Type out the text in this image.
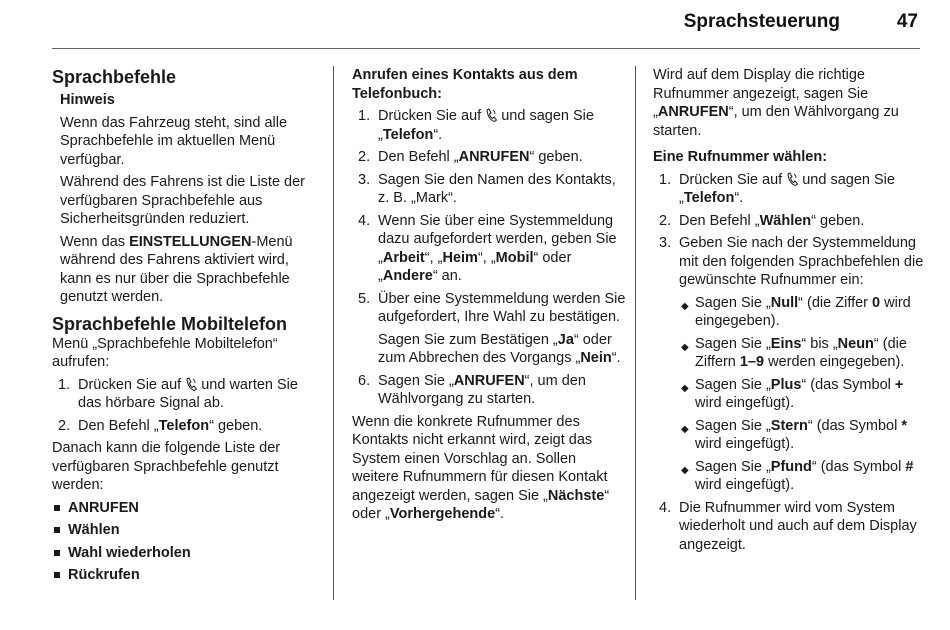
Sprachsteuerung	47
Sprachbefehle

Hinweis

Wenn das Fahrzeug steht, sind alle Sprachbefehle im aktuellen Menü verfügbar.

Während des Fahrens ist die Liste der verfügbaren Sprachbefehle aus Sicherheitsgründen reduziert.

Wenn das EINSTELLUNGEN-Menü während des Fahrens aktiviert wird, kann es nur über die Sprachbefehle genutzt werden.

Sprachbefehle Mobiltelefon

Menü „Sprachbefehle Mobiltelefon“ aufrufen:

1. Drücken Sie auf  und warten Sie das hörbare Signal ab.
2. Den Befehl „Telefon“ geben.

Danach kann die folgende Liste der verfügbaren Sprachbefehle genutzt werden:

ANRUFEN
Wählen
Wahl wiederholen
Rückrufen

Anrufen eines Kontakts aus dem Telefonbuch:

1. Drücken Sie auf  und sagen Sie „Telefon“.
2. Den Befehl „ANRUFEN“ geben.
3. Sagen Sie den Namen des Kontakts, z. B. „Mark“.
4. Wenn Sie über eine Systemmeldung dazu aufgefordert werden, geben Sie „Arbeit“, „Heim“, „Mobil“ oder „Andere“ an.
5. Über eine Systemmeldung werden Sie aufgefordert, Ihre Wahl zu bestätigen.

Sagen Sie zum Bestätigen „Ja“ oder zum Abbrechen des Vorgangs „Nein“.

6. Sagen Sie „ANRUFEN“, um den Wählvorgang zu starten.

Wenn die konkrete Rufnummer des Kontakts nicht erkannt wird, zeigt das System einen Vorschlag an. Sollen weitere Rufnummern für diesen Kontakt angezeigt werden, sagen Sie „Nächste“ oder „Vorhergehende“.

Wird auf dem Display die richtige Rufnummer angezeigt, sagen Sie „ANRUFEN“, um den Wählvorgang zu starten.

Eine Rufnummer wählen:

1. Drücken Sie auf  und sagen Sie „Telefon“.
2. Den Befehl „Wählen“ geben.
3. Geben Sie nach der Systemmeldung mit den folgenden Sprachbefehlen die gewünschte Rufnummer ein:
◆ Sagen Sie „Null“ (die Ziffer 0 wird eingegeben).
◆ Sagen Sie „Eins“ bis „Neun“ (die Ziffern 1–9 werden eingegeben).
◆ Sagen Sie „Plus“ (das Symbol + wird eingefügt).
◆ Sagen Sie „Stern“ (das Symbol * wird eingefügt).
◆ Sagen Sie „Pfund“ (das Symbol # wird eingefügt).
4. Die Rufnummer wird vom System wiederholt und auch auf dem Display angezeigt.
